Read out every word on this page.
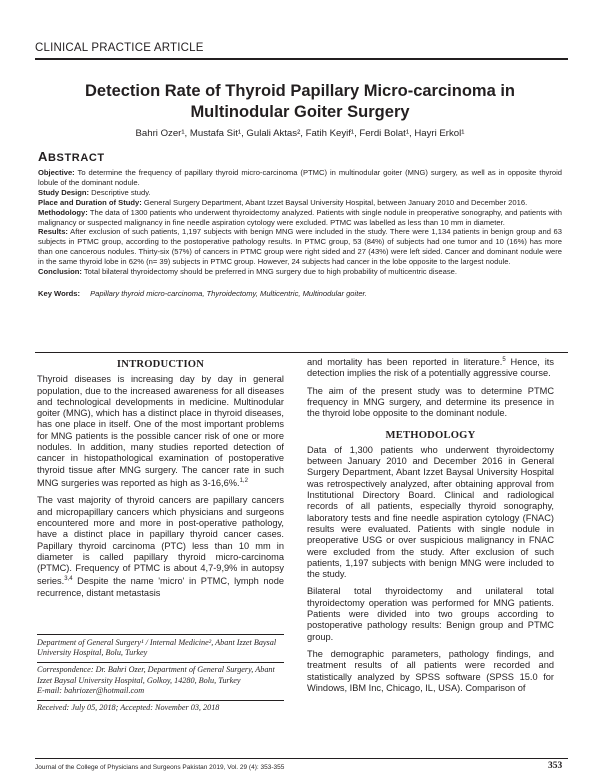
CLINICAL PRACTICE ARTICLE
Detection Rate of Thyroid Papillary Micro-carcinoma in Multinodular Goiter Surgery
Bahri Ozer¹, Mustafa Sit¹, Gulali Aktas², Fatih Keyif¹, Ferdi Bolat¹, Hayri Erkol¹
ABSTRACT

Objective: To determine the frequency of papillary thyroid micro-carcinoma (PTMC) in multinodular goiter (MNG) surgery, as well as in opposite thyroid lobule of the dominant nodule.

Study Design: Descriptive study.

Place and Duration of Study: General Surgery Department, Abant Izzet Baysal University Hospital, between January 2010 and December 2016.

Methodology: The data of 1300 patients who underwent thyroidectomy analyzed. Patients with single nodule in preoperative sonography, and patients with malignancy or suspected malignancy in fine needle aspiration cytology were excluded. PTMC was labelled as less than 10 mm in diameter.

Results: After exclusion of such patients, 1,197 subjects with benign MNG were included in the study. There were 1,134 patients in benign group and 63 subjects in PTMC group, according to the postoperative pathology results. In PTMC group, 53 (84%) of subjects had one tumor and 10 (16%) has more than one cancerous nodules. Thirty-six (57%) of cancers in PTMC group were right sided and 27 (43%) were left sided. Cancer and dominant nodule were in the same thyroid lobe in 62% (n= 39) subjects in PTMC group. However, 24 subjects had cancer in the lobe opposite to the largest nodule.

Conclusion: Total bilateral thyroidectomy should be preferred in MNG surgery due to high probability of multicentric disease.

Key Words: Papillary thyroid micro-carcinoma, Thyroidectomy, Multicentric, Multinodular goiter.
INTRODUCTION

Thyroid diseases is increasing day by day in general population, due to the increased awareness for all diseases and technological developments in medicine. Multinodular goiter (MNG), which has a distinct place in thyroid diseases, has one place in itself. One of the most important problems for MNG patients is the possible cancer risk of one or more nodules. In addition, many studies reported detection of cancer in histopathological examination of postoperative thyroid tissue after MNG surgery. The cancer rate in such MNG surgeries was reported as high as 3-16,6%.$^{1,2}$

The vast majority of thyroid cancers are papillary cancers and micropapillary cancers which physicians and surgeons encountered more and more in post-operative pathology, have a distinct place in papillary thyroid cancer cases. Papillary thyroid carcinoma (PTC) less than 10 mm in diameter is called papillary thyroid micro-carcinoma (PTMC). Frequency of PTMC is about 4,7-9,9% in autopsy series.$^{3,4}$ Despite the name 'micro' in PTMC, lymph node recurrence, distant metastasis

Department of General Surgery¹ / Internal Medicine², Abant Izzet Baysal University Hospital, Bolu, Turkey

Correspondence: Dr. Bahri Ozer, Department of General Surgery, Abant Izzet Baysal University Hospital, Golkoy, 14280, Bolu, Turkey

E-mail: bahriozer@hotmail.com

Received: July 05, 2018; Accepted: November 03, 2018

and mortality has been reported in literature.$^5$ Hence, its detection implies the risk of a potentially aggressive course.

The aim of the present study was to determine PTMC frequency in MNG surgery, and determine its presence in the thyroid lobe opposite to the dominant nodule.

METHODOLOGY

Data of 1,300 patients who underwent thyroidectomy between January 2010 and December 2016 in General Surgery Department, Abant Izzet Baysal University Hospital was retrospectively analyzed, after obtaining approval from Institutional Directory Board. Clinical and radiological records of all patients, especially thyroid sonography, laboratory tests and fine needle aspiration cytology (FNAC) results were evaluated. Patients with single nodule in preoperative USG or over suspicious malignancy in FNAC were excluded from the study. After exclusion of such patients, 1,197 subjects with benign MNG were included to the study.

Bilateral total thyroidectomy and unilateral total thyroidectomy operation was performed for MNG patients. Patients were divided into two groups according to postoperative pathology results: Benign group and PTMC group.

The demographic parameters, pathology findings, and treatment results of all patients were recorded and statistically analyzed by SPSS software (SPSS 15.0 for Windows, IBM Inc, Chicago, IL, USA). Comparison of

Journal of the College of Physicians and Surgeons Pakistan 2019, Vol. 29 (4): 353-355	353
